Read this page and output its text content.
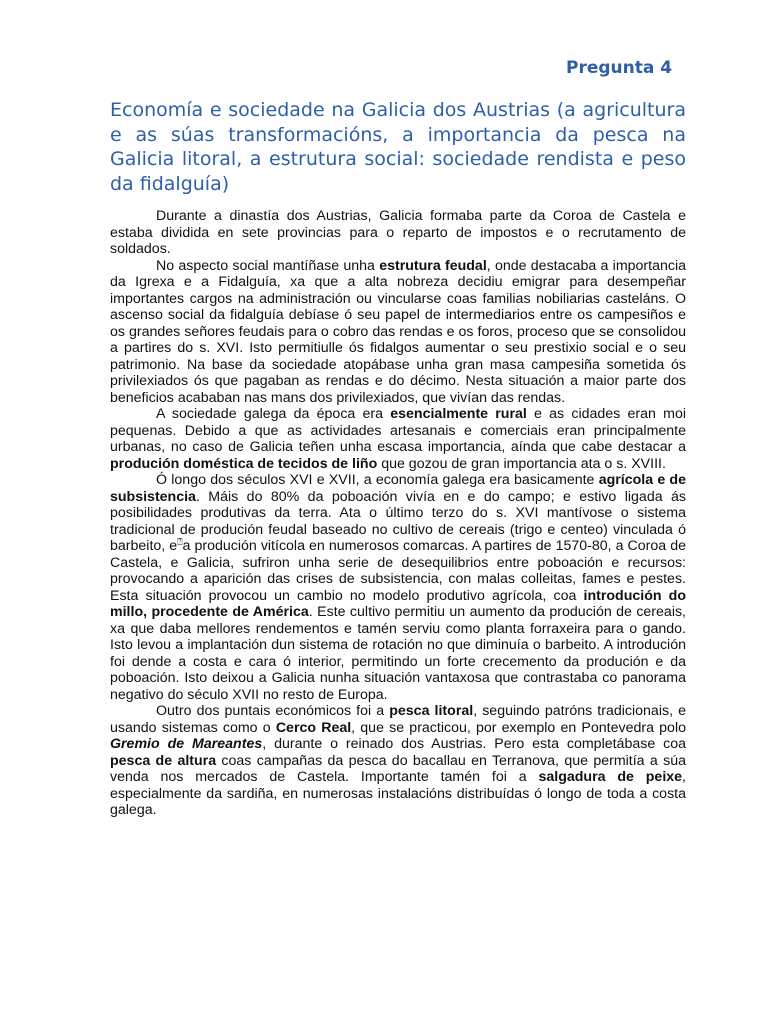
Pregunta 4
Economía e sociedade na Galicia dos Austrias (a agricultura e as súas transformacións, a importancia da pesca na Galicia litoral, a estrutura social: sociedade rendista e peso da fidalguía)

Durante a dinastía dos Austrias, Galicia formaba parte da Coroa de Castela e estaba dividida en sete provincias para o reparto de impostos e o recrutamento de soldados.

No aspecto social mantíñase unha estrutura feudal, onde destacaba a importancia da Igrexa e a Fidalguía, xa que a alta nobreza decidiu emigrar para desempeñar importantes cargos na administración ou vincularse coas familias nobiliarias casteláns. O ascenso social da fidalguía debíase ó seu papel de intermediarios entre os campesiños e os grandes señores feudais para o cobro das rendas e os foros, proceso que se consolidou a partires do s. XVI. Isto permitiulle ós fidalgos aumentar o seu prestixio social e o seu patrimonio. Na base da sociedade atopábase unha gran masa campesiña sometida ós privilexiados ós que pagaban as rendas e do décimo. Nesta situación a maior parte dos beneficios acababan nas mans dos privilexiados, que vivían das rendas.

A sociedade galega da época era esencialmente rural e as cidades eran moi pequenas. Debido a que as actividades artesanais e comerciais eran principalmente urbanas, no caso de Galicia teñen unha escasa importancia, aínda que cabe destacar a produción doméstica de tecidos de liño que gozou de gran importancia ata o s. XVIII.

Ó longo dos séculos XVI e XVII, a economía galega era basicamente agrícola e de subsistencia. Máis do 80% da poboación vivía en e do campo; e estivo ligada ás posibilidades produtivas da terra. Ata o último terzo do s. XVI mantívose o sistema tradicional de produción feudal baseado no cultivo de cereais (trigo e centeo) vinculada ó barbeito, e⍰a produción vitícola en numerosos comarcas. A partires de 1570-80, a Coroa de Castela, e Galicia, sufriron unha serie de desequilibrios entre poboación e recursos: provocando a aparición das crises de subsistencia, con malas colleitas, fames e pestes. Esta situación provocou un cambio no modelo produtivo agrícola, coa introdución do millo, procedente de América. Este cultivo permitiu un aumento da produción de cereais, xa que daba mellores rendementos e tamén serviu como planta forraxeira para o gando. Isto levou a implantación dun sistema de rotación no que diminuía o barbeito. A introdución foi dende a costa e cara ó interior, permitindo un forte crecemento da produción e da poboación. Isto deixou a Galicia nunha situación vantaxosa que contrastaba co panorama negativo do século XVII no resto de Europa.

Outro dos puntais económicos foi a pesca litoral, seguindo patróns tradicionais, e usando sistemas como o Cerco Real, que se practicou, por exemplo en Pontevedra polo Gremio de Mareantes, durante o reinado dos Austrias. Pero esta completábase coa pesca de altura coas campañas da pesca do bacallau en Terranova, que permitía a súa venda nos mercados de Castela. Importante tamén foi a salgadura de peixe, especialmente da sardiña, en numerosas instalacións distribuídas ó longo de toda a costa galega.
